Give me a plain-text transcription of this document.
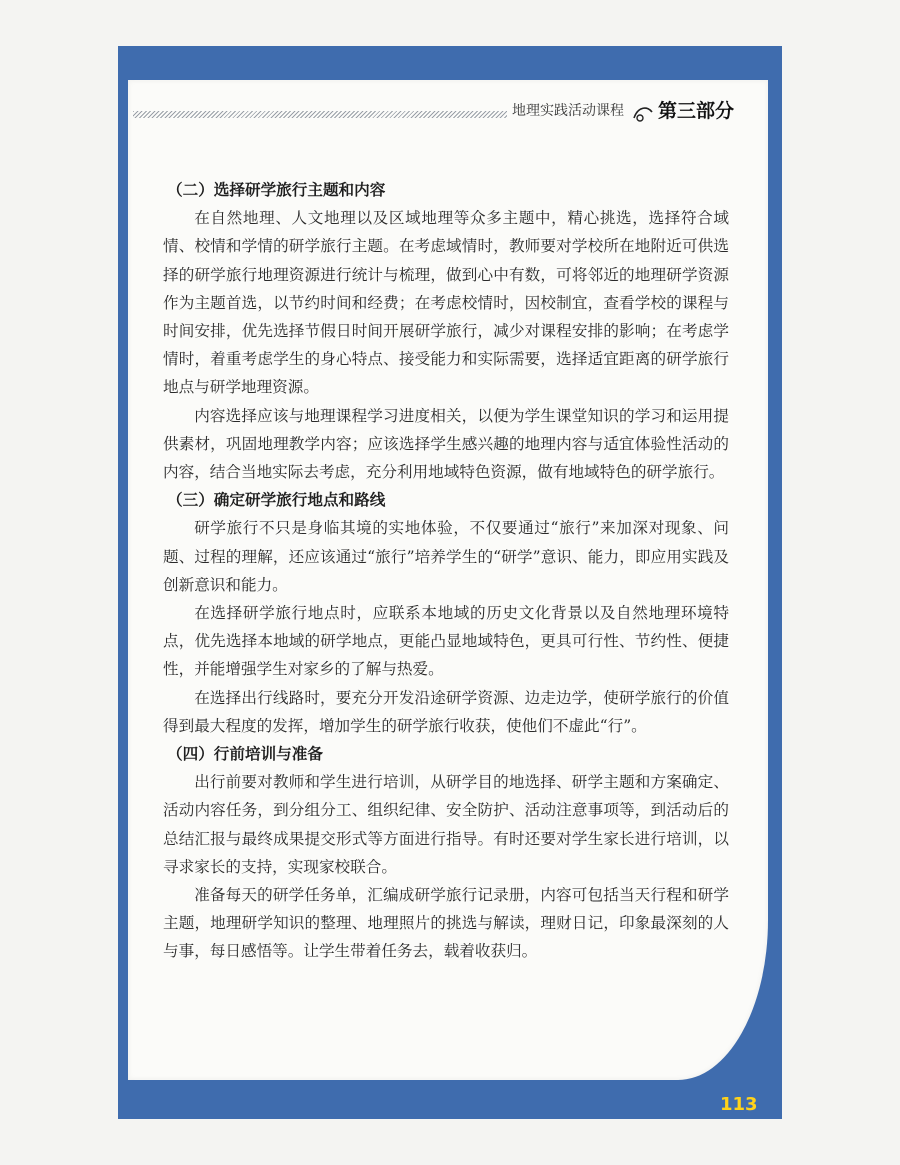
地理实践活动课程 第三部分

（二）选择研学旅行主题和内容

在自然地理、人文地理以及区域地理等众多主题中，精心挑选，选择符合域情、校情和学情的研学旅行主题。在考虑域情时，教师要对学校所在地附近可供选择的研学旅行地理资源进行统计与梳理，做到心中有数，可将邻近的地理研学资源作为主题首选，以节约时间和经费；在考虑校情时，因校制宜，查看学校的课程与时间安排，优先选择节假日时间开展研学旅行，减少对课程安排的影响；在考虑学情时，着重考虑学生的身心特点、接受能力和实际需要，选择适宜距离的研学旅行地点与研学地理资源。

内容选择应该与地理课程学习进度相关，以便为学生课堂知识的学习和运用提供素材，巩固地理教学内容；应该选择学生感兴趣的地理内容与适宜体验性活动的内容，结合当地实际去考虑，充分利用地域特色资源，做有地域特色的研学旅行。

（三）确定研学旅行地点和路线

研学旅行不只是身临其境的实地体验，不仅要通过“旅行”来加深对现象、问题、过程的理解，还应该通过“旅行”培养学生的“研学”意识、能力，即应用实践及创新意识和能力。

在选择研学旅行地点时，应联系本地域的历史文化背景以及自然地理环境特点，优先选择本地域的研学地点，更能凸显地域特色，更具可行性、节约性、便捷性，并能增强学生对家乡的了解与热爱。

在选择出行线路时，要充分开发沿途研学资源、边走边学，使研学旅行的价值得到最大程度的发挥，增加学生的研学旅行收获，使他们不虚此“行”。

（四）行前培训与准备

出行前要对教师和学生进行培训，从研学目的地选择、研学主题和方案确定、活动内容任务，到分组分工、组织纪律、安全防护、活动注意事项等，到活动后的总结汇报与最终成果提交形式等方面进行指导。有时还要对学生家长进行培训，以寻求家长的支持，实现家校联合。

准备每天的研学任务单，汇编成研学旅行记录册，内容可包括当天行程和研学主题，地理研学知识的整理、地理照片的挑选与解读，理财日记，印象最深刻的人与事，每日感悟等。让学生带着任务去，载着收获归。

113
